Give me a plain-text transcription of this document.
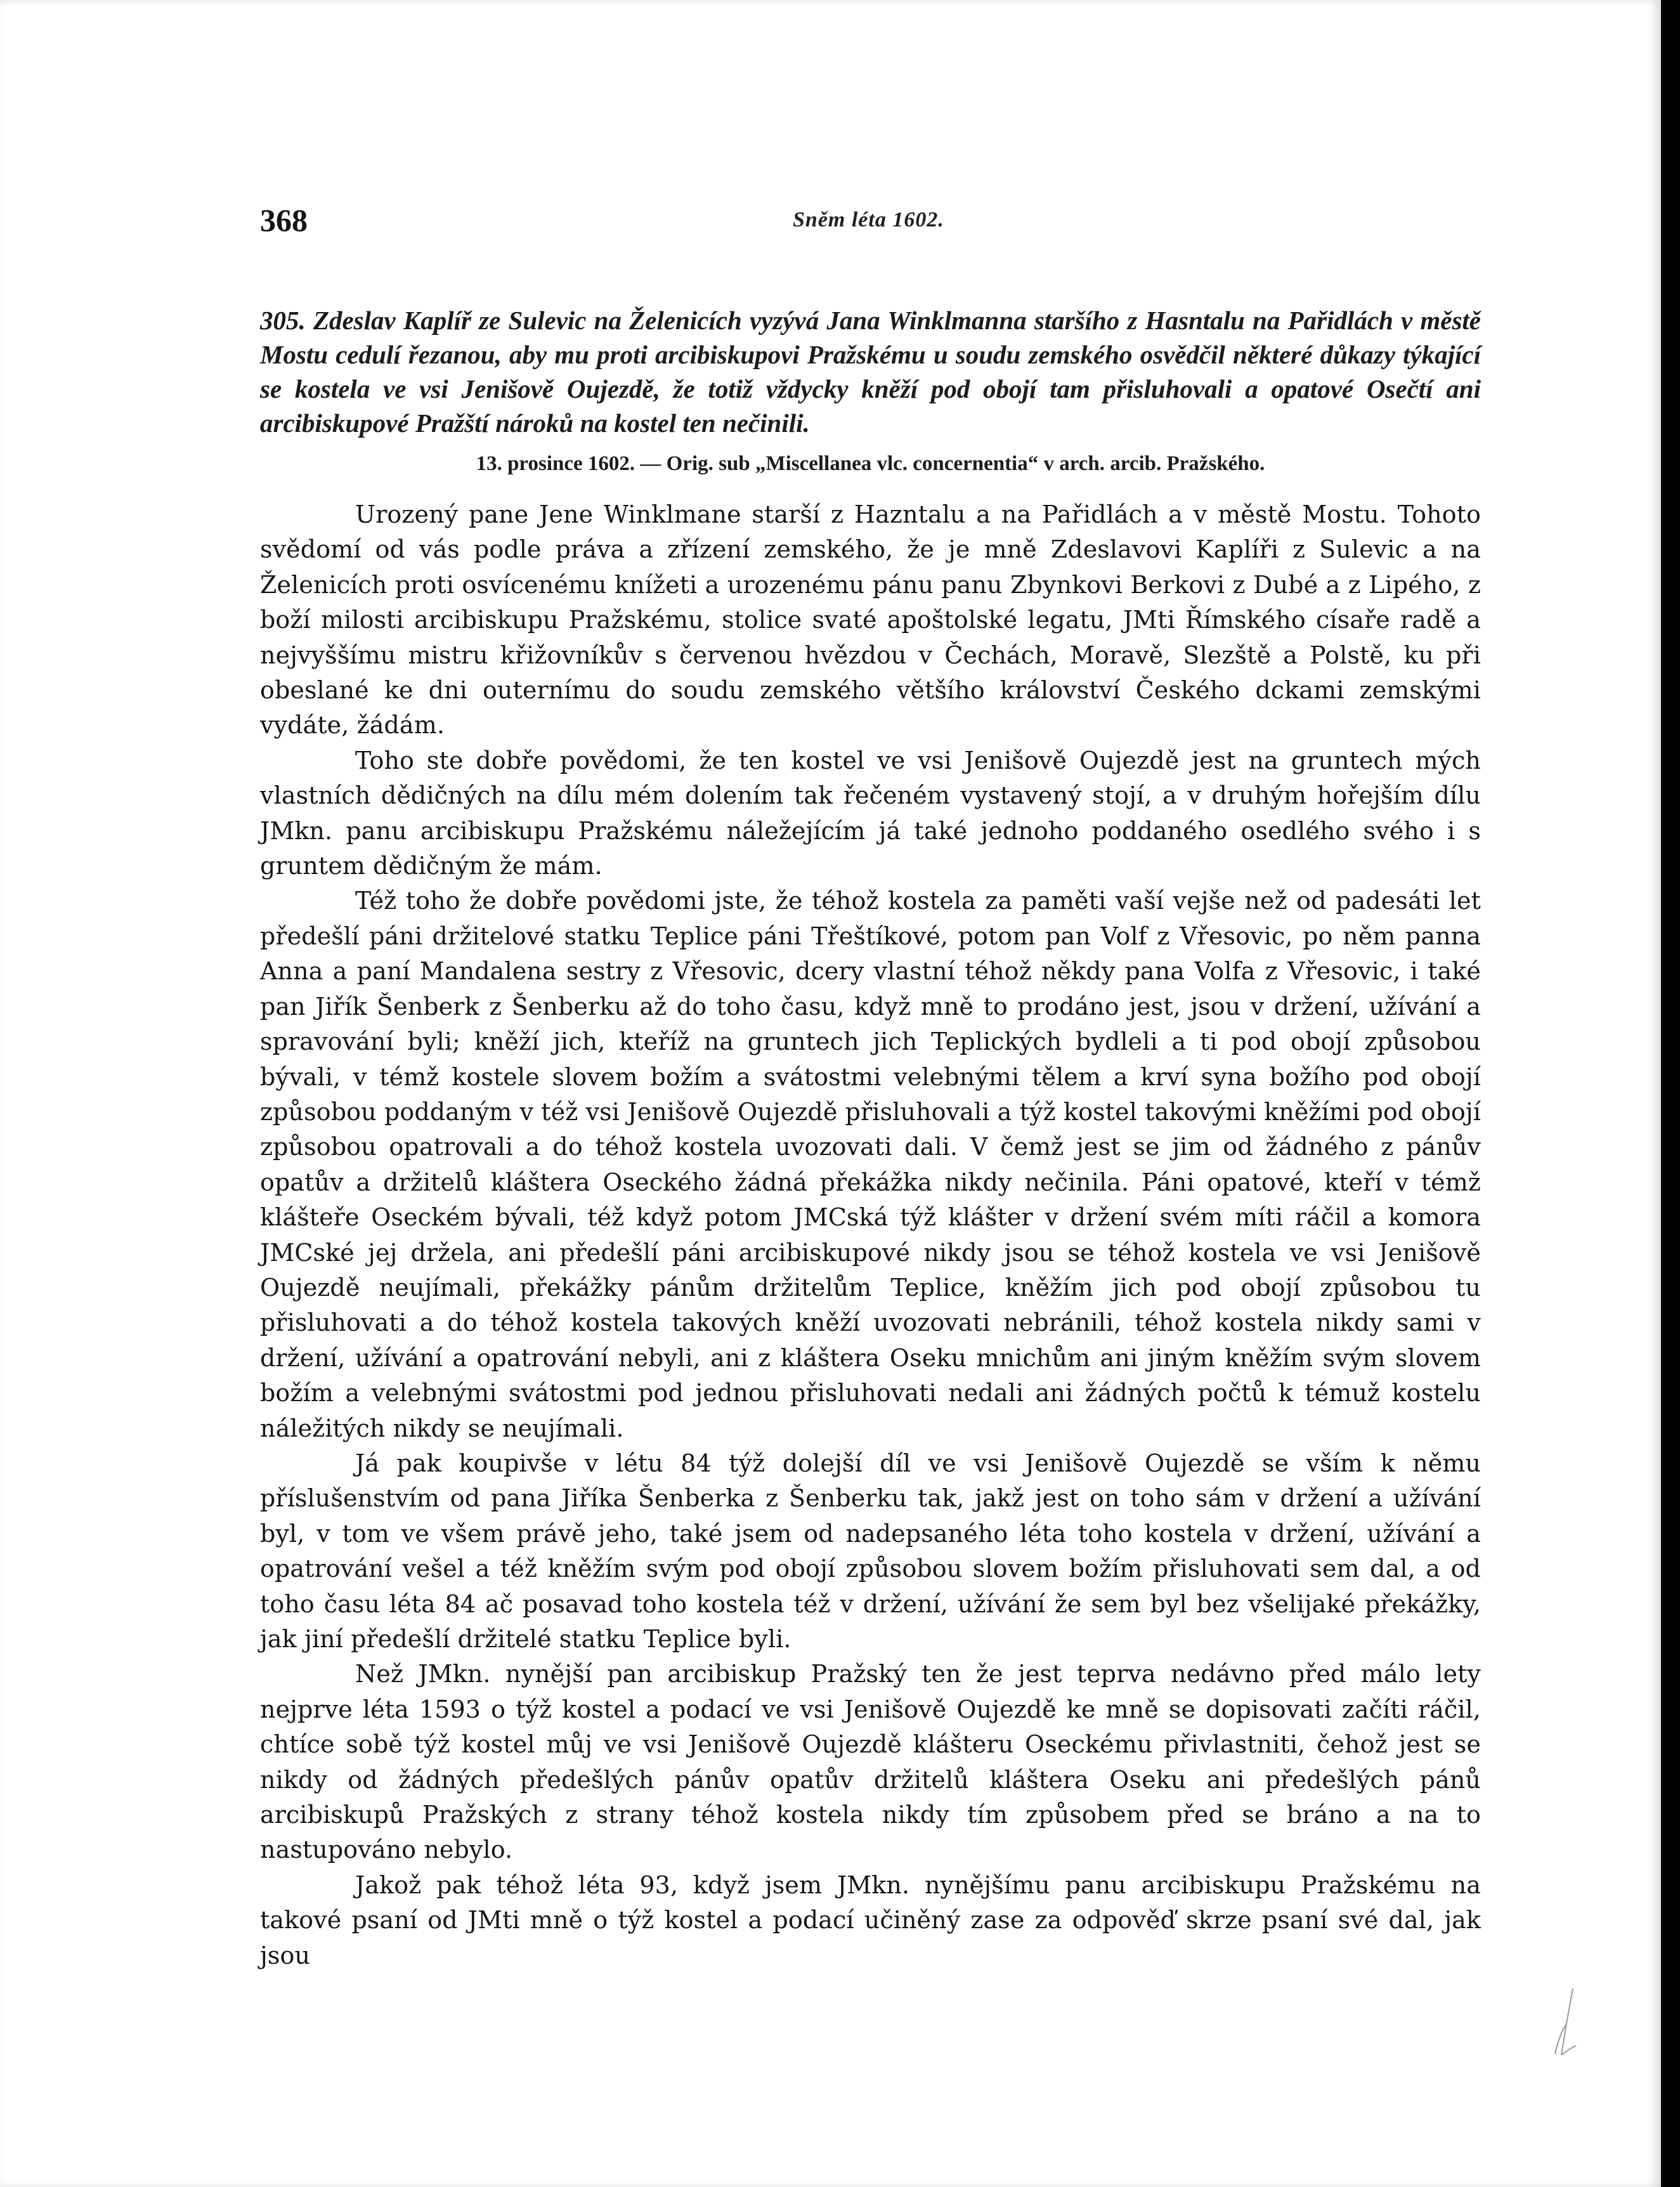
368	Sněm léta 1602.

305. Zdeslav Kaplíř ze Sulevic na Želenicích vyzývá Jana Winklmanna staršího z Hasntalu na Pařidlách v městě Mostu cedulí řezanou, aby mu proti arcibiskupovi Pražskému u soudu zemského osvědčil některé důkazy týkající se kostela ve vsi Jenišově Oujezdě, že totiž vždycky kněží pod obojí tam přisluhovali a opatové Osečtí ani arcibiskupové Pražští nároků na kostel ten nečinili.

13. prosince 1602. — Orig. sub „Miscellanea vlc. concernentia“ v arch. arcib. Pražského.

Urozený pane Jene Winklmane starší z Hazntalu a na Pařidlách a v městě Mostu. Tohoto svědomí od vás podle práva a zřízení zemského, že je mně Zdeslavovi Kaplíři z Sulevic a na Želenicích proti osvícenému knížeti a urozenému pánu panu Zbynkovi Berkovi z Dubé a z Lipého, z boží milosti arcibiskupu Pražskému, stolice svaté apoštolské legatu, JMti Římského císaře radě a nejvyššímu mistru křižovníkův s červenou hvězdou v Čechách, Moravě, Slezště a Polstě, ku při obeslané ke dni outernímu do soudu zemského většího království Českého dckami zemskými vydáte, žádám.

Toho ste dobře povědomi, že ten kostel ve vsi Jenišově Oujezdě jest na gruntech mých vlastních dědičných na dílu mém dolením tak řečeném vystavený stojí, a v druhým hořejším dílu JMkn. panu arcibiskupu Pražskému náležejícím já také jednoho poddaného osedlého svého i s gruntem dědičným že mám.

Též toho že dobře povědomi jste, že téhož kostela za paměti vaší vejše než od padesáti let předešlí páni držitelové statku Teplice páni Třeštíkové, potom pan Volf z Vřesovic, po něm panna Anna a paní Mandalena sestry z Vřesovic, dcery vlastní téhož někdy pana Volfa z Vřesovic, i také pan Jiřík Šenberk z Šenberku až do toho času, když mně to prodáno jest, jsou v držení, užívání a spravování byli; kněží jich, kteříž na gruntech jich Teplických bydleli a ti pod obojí způsobou bývali, v témž kostele slovem božím a svátostmi velebnými tělem a krví syna božího pod obojí způsobou poddaným v též vsi Jenišově Oujezdě přisluhovali a týž kostel takovými kněžími pod obojí způsobou opatrovali a do téhož kostela uvozovati dali. V čemž jest se jim od žádného z pánův opatův a držitelů kláštera Oseckého žádná překážka nikdy nečinila. Páni opatové, kteří v témž klášteře Oseckém bývali, též když potom JMCská týž klášter v držení svém míti ráčil a komora JMCské jej držela, ani předešlí páni arcibiskupové nikdy jsou se téhož kostela ve vsi Jenišově Oujezdě neujímali, překážky pánům držitelům Teplice, kněžím jich pod obojí způsobou tu přisluhovati a do téhož kostela takových kněží uvozovati nebránili, téhož kostela nikdy sami v držení, užívání a opatrování nebyli, ani z kláštera Oseku mnichům ani jiným kněžím svým slovem božím a velebnými svátostmi pod jednou přisluhovati nedali ani žádných počtů k témuž kostelu náležitých nikdy se neujímali.

Já pak koupivše v létu 84 týž dolejší díl ve vsi Jenišově Oujezdě se vším k němu příslušenstvím od pana Jiříka Šenberka z Šenberku tak, jakž jest on toho sám v držení a užívání byl, v tom ve všem právě jeho, také jsem od nadepsaného léta toho kostela v držení, užívání a opatrování vešel a též kněžím svým pod obojí způsobou slovem božím přisluhovati sem dal, a od toho času léta 84 ač posavad toho kostela též v držení, užívání že sem byl bez všelijaké překážky, jak jiní předešlí držitelé statku Teplice byli.

Než JMkn. nynější pan arcibiskup Pražský ten že jest teprva nedávno před málo lety nejprve léta 1593 o týž kostel a podací ve vsi Jenišově Oujezdě ke mně se dopisovati začíti ráčil, chtíce sobě týž kostel můj ve vsi Jenišově Oujezdě klášteru Oseckému přivlastniti, čehož jest se nikdy od žádných předešlých pánův opatův držitelů kláštera Oseku ani předešlých pánů arcibiskupů Pražských z strany téhož kostela nikdy tím způsobem před se bráno a na to nastupováno nebylo.

Jakož pak téhož léta 93, když jsem JMkn. nynějšímu panu arcibiskupu Pražskému na takové psaní od JMti mně o týž kostel a podací učiněný zase za odpověď skrze psaní své dal, jak jsou
